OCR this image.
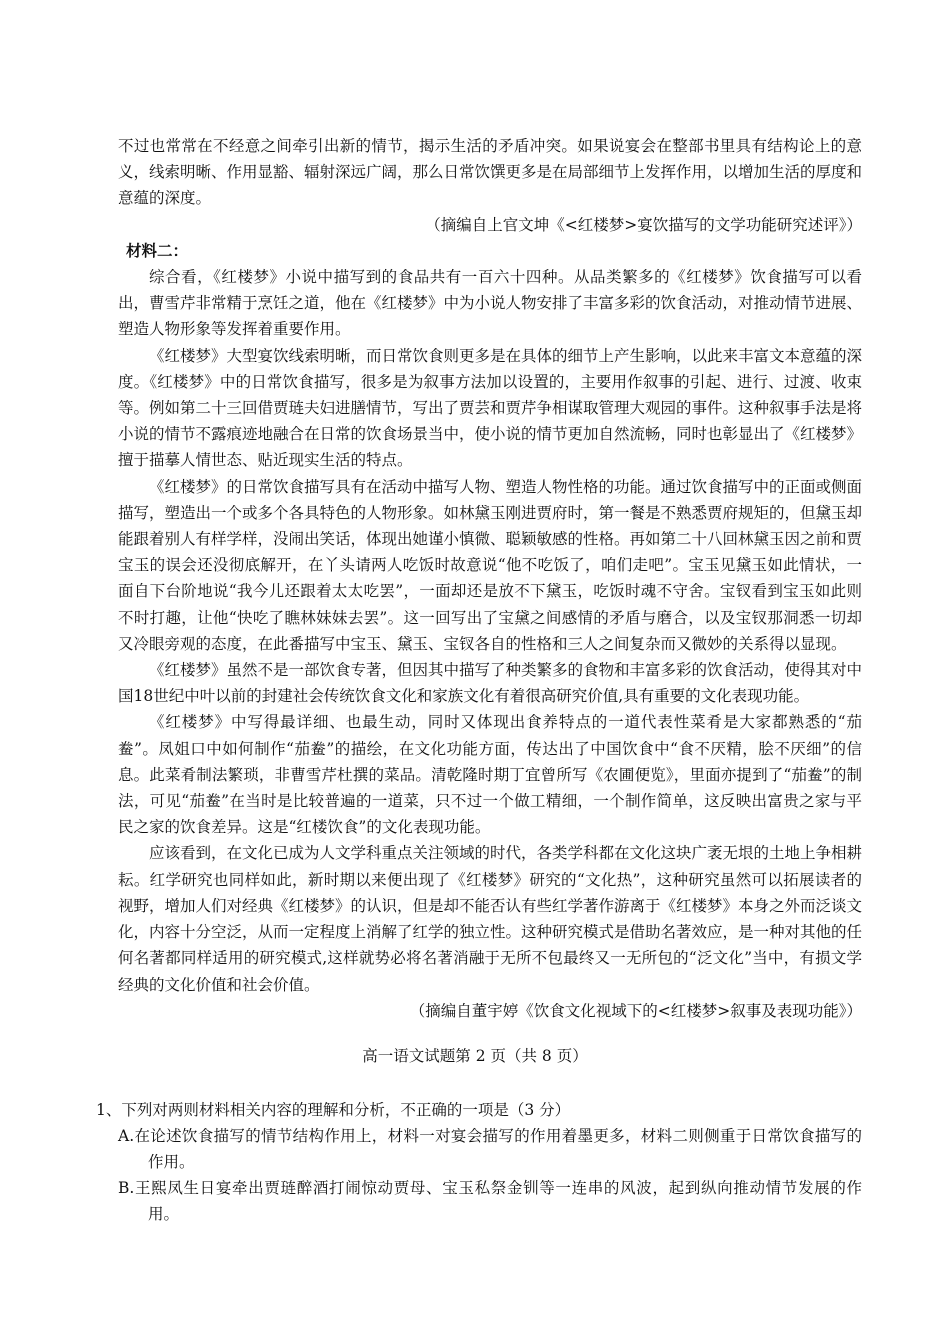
不过也常常在不经意之间牵引出新的情节，揭示生活的矛盾冲突。如果说宴会在整部书里具有结构论上的意义，线索明晰、作用显豁、辐射深远广阔，那么日常饮馔更多是在局部细节上发挥作用，以增加生活的厚度和意蕴的深度。

（摘编自上官文坤《<红楼梦>宴饮描写的文学功能研究述评》）

材料二：

综合看，《红楼梦》小说中描写到的食品共有一百六十四种。从品类繁多的《红楼梦》饮食描写可以看出，曹雪芹非常精于烹饪之道，他在《红楼梦》中为小说人物安排了丰富多彩的饮食活动，对推动情节进展、塑造人物形象等发挥着重要作用。

《红楼梦》大型宴饮线索明晰，而日常饮食则更多是在具体的细节上产生影响，以此来丰富文本意蕴的深度。《红楼梦》中的日常饮食描写，很多是为叙事方法加以设置的，主要用作叙事的引起、进行、过渡、收束等。例如第二十三回借贾琏夫妇进膳情节，写出了贾芸和贾芹争相谋取管理大观园的事件。这种叙事手法是将小说的情节不露痕迹地融合在日常的饮食场景当中，使小说的情节更加自然流畅，同时也彰显出了《红楼梦》擅于描摹人情世态、贴近现实生活的特点。

《红楼梦》的日常饮食描写具有在活动中描写人物、塑造人物性格的功能。通过饮食描写中的正面或侧面描写，塑造出一个或多个各具特色的人物形象。如林黛玉刚进贾府时，第一餐是不熟悉贾府规矩的，但黛玉却能跟着别人有样学样，没闹出笑话，体现出她谨小慎微、聪颖敏感的性格。再如第二十八回林黛玉因之前和贾宝玉的误会还没彻底解开，在丫头请两人吃饭时故意说“他不吃饭了，咱们走吧”。宝玉见黛玉如此情状，一面自下台阶地说“我今儿还跟着太太吃罢”，一面却还是放不下黛玉，吃饭时魂不守舍。宝钗看到宝玉如此则不时打趣，让他“快吃了瞧林妹妹去罢”。这一回写出了宝黛之间感情的矛盾与磨合，以及宝钗那洞悉一切却又冷眼旁观的态度，在此番描写中宝玉、黛玉、宝钗各自的性格和三人之间复杂而又微妙的关系得以显现。

《红楼梦》虽然不是一部饮食专著，但因其中描写了种类繁多的食物和丰富多彩的饮食活动，使得其对中国18世纪中叶以前的封建社会传统饮食文化和家族文化有着很高研究价值,具有重要的文化表现功能。

《红楼梦》中写得最详细、也最生动，同时又体现出食养特点的一道代表性菜肴是大家都熟悉的“茄鲞”。凤姐口中如何制作“茄鲞”的描绘，在文化功能方面，传达出了中国饮食中“食不厌精，脍不厌细”的信息。此菜肴制法繁琐，非曹雪芹杜撰的菜品。清乾隆时期丁宜曾所写《农圃便览》，里面亦提到了“茄鲞”的制法，可见“茄鲞”在当时是比较普遍的一道菜，只不过一个做工精细，一个制作简单，这反映出富贵之家与平民之家的饮食差异。这是“红楼饮食”的文化表现功能。

应该看到，在文化已成为人文学科重点关注领域的时代，各类学科都在文化这块广袤无垠的土地上争相耕耘。红学研究也同样如此，新时期以来便出现了《红楼梦》研究的“文化热”，这种研究虽然可以拓展读者的视野，增加人们对经典《红楼梦》的认识，但是却不能否认有些红学著作游离于《红楼梦》本身之外而泛谈文化，内容十分空泛，从而一定程度上消解了红学的独立性。这种研究模式是借助名著效应，是一种对其他的任何名著都同样适用的研究模式,这样就势必将名著消融于无所不包最终又一无所包的“泛文化”当中，有损文学经典的文化价值和社会价值。

（摘编自董宇婷《饮食文化视域下的<红楼梦>叙事及表现功能》）

高一语文试题第 2 页（共 8 页）

1、下列对两则材料相关内容的理解和分析，不正确的一项是（3 分）

A.在论述饮食描写的情节结构作用上，材料一对宴会描写的作用着墨更多，材料二则侧重于日常饮食描写的作用。

B.王熙凤生日宴牵出贾琏醉酒打闹惊动贾母、宝玉私祭金钏等一连串的风波，起到纵向推动情节发展的作用。
